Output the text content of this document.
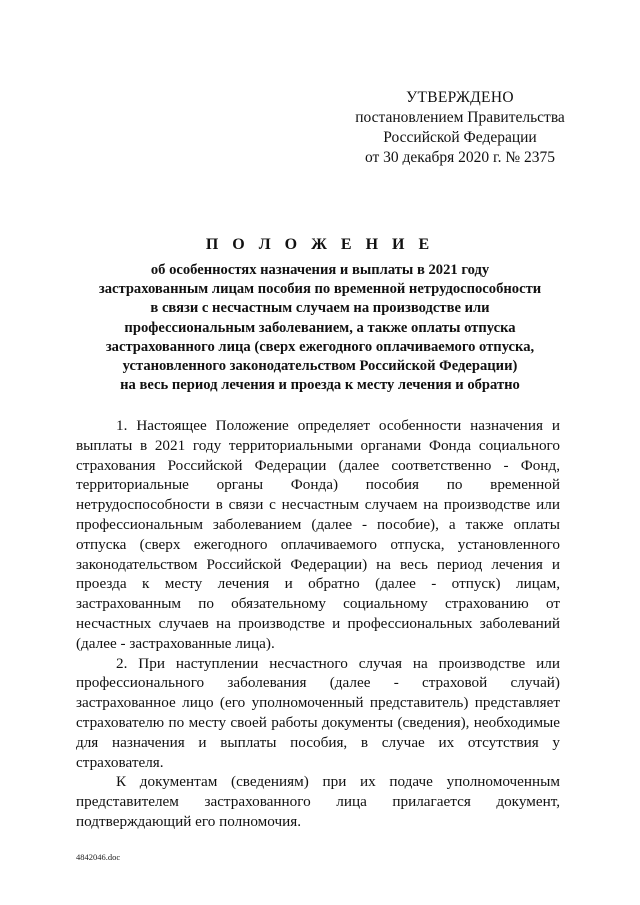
УТВЕРЖДЕНО
постановлением Правительства
Российской Федерации
от 30 декабря 2020 г. № 2375
П О Л О Ж Е Н И Е
об особенностях назначения и выплаты в 2021 году
застрахованным лицам пособия по временной нетрудоспособности
в связи с несчастным случаем на производстве или
профессиональным заболеванием, а также оплаты отпуска
застрахованного лица (сверх ежегодного оплачиваемого отпуска,
установленного законодательством Российской Федерации)
на весь период лечения и проезда к месту лечения и обратно

1. Настоящее Положение определяет особенности назначения и выплаты в 2021 году территориальными органами Фонда социального страхования Российской Федерации (далее соответственно - Фонд, территориальные органы Фонда) пособия по временной нетрудоспособности в связи с несчастным случаем на производстве или профессиональным заболеванием (далее - пособие), а также оплаты отпуска (сверх ежегодного оплачиваемого отпуска, установленного законодательством Российской Федерации) на весь период лечения и проезда к месту лечения и обратно (далее - отпуск) лицам, застрахованным по обязательному социальному страхованию от несчастных случаев на производстве и профессиональных заболеваний (далее - застрахованные лица).

2. При наступлении несчастного случая на производстве или профессионального заболевания (далее - страховой случай) застрахованное лицо (его уполномоченный представитель) представляет страхователю по месту своей работы документы (сведения), необходимые для назначения и выплаты пособия, в случае их отсутствия у страхователя.

К документам (сведениям) при их подаче уполномоченным представителем застрахованного лица прилагается документ, подтверждающий его полномочия.

4842046.doc
